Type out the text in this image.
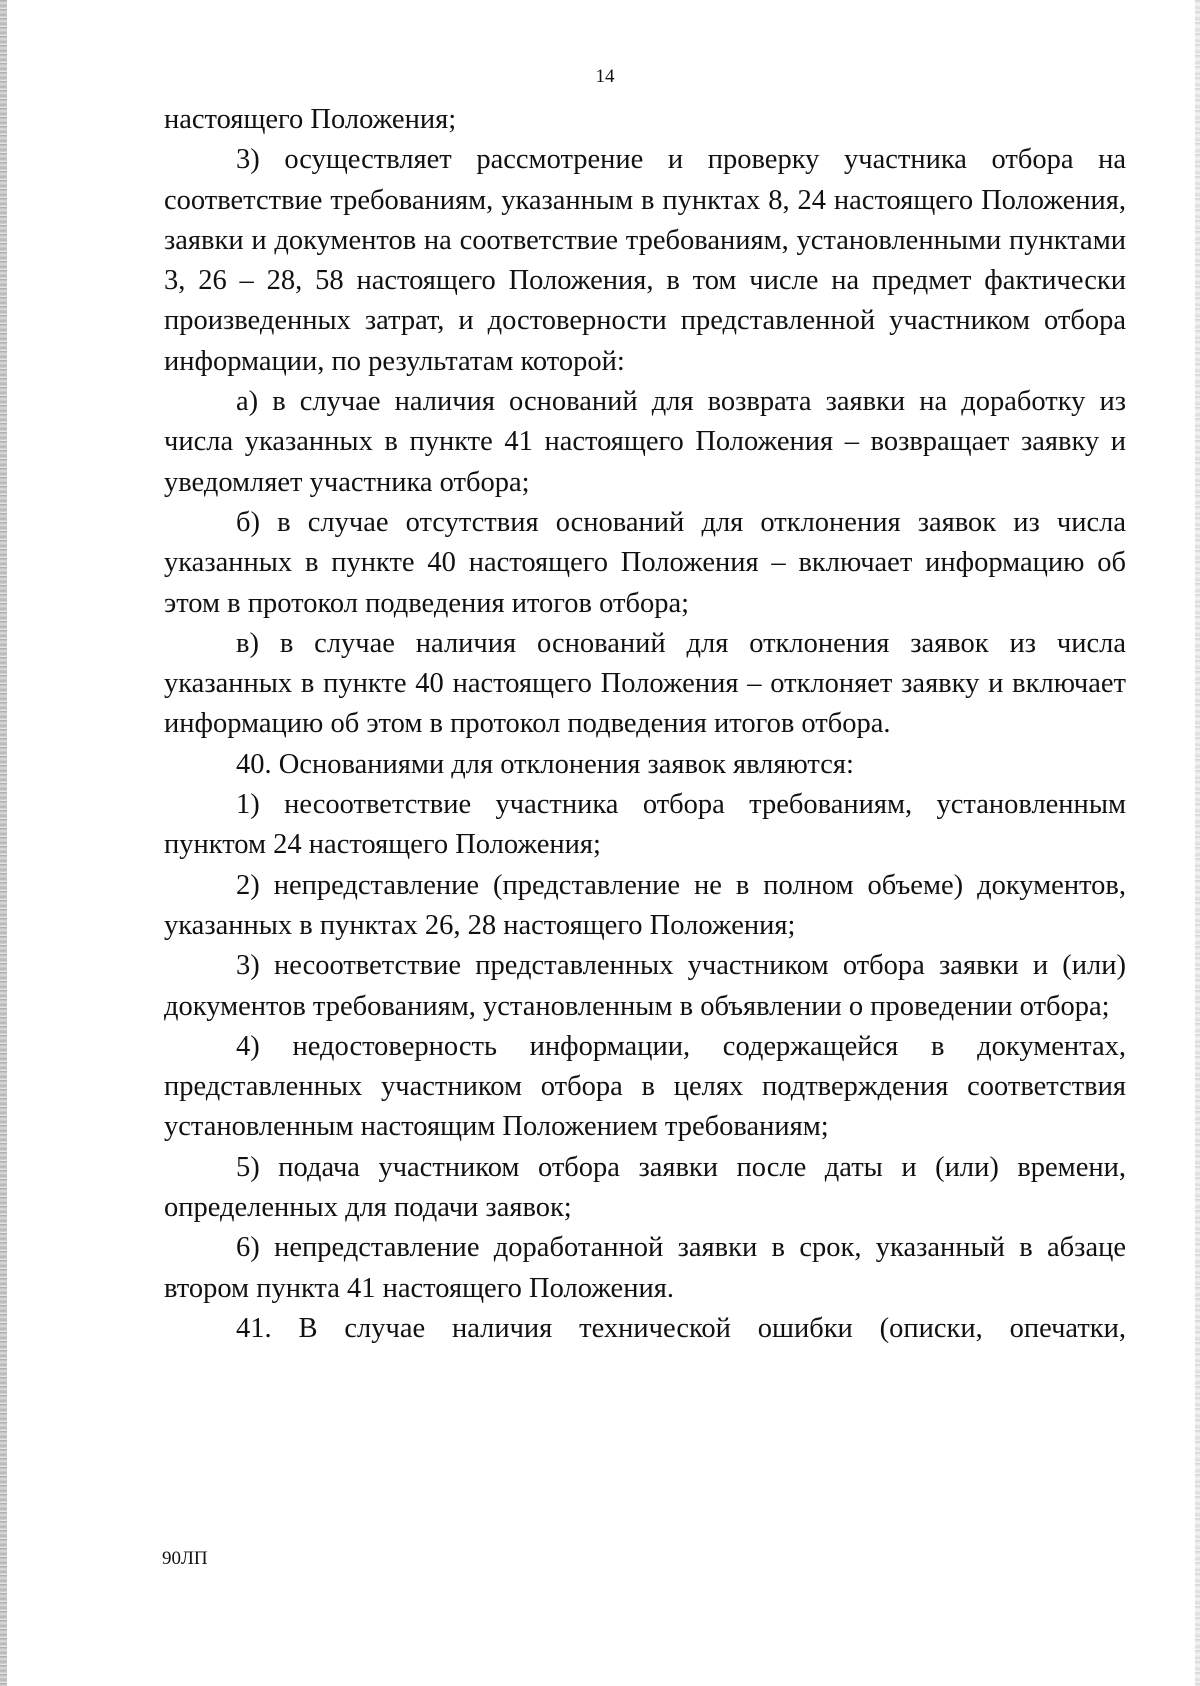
14

настоящего Положения;

3) осуществляет рассмотрение и проверку участника отбора на соответствие требованиям, указанным в пунктах 8, 24 настоящего Положения, заявки и документов на соответствие требованиям, установленными пунктами 3, 26 – 28, 58 настоящего Положения, в том числе на предмет фактически произведенных затрат, и достоверности представленной участником отбора информации, по результатам которой:

а) в случае наличия оснований для возврата заявки на доработку из числа указанных в пункте 41 настоящего Положения – возвращает заявку и уведомляет участника отбора;

б) в случае отсутствия оснований для отклонения заявок из числа указанных в пункте 40 настоящего Положения – включает информацию об этом в протокол подведения итогов отбора;

в) в случае наличия оснований для отклонения заявок из числа указанных в пункте 40 настоящего Положения – отклоняет заявку и включает информацию об этом в протокол подведения итогов отбора.

40. Основаниями для отклонения заявок являются:

1) несоответствие участника отбора требованиям, установленным пунктом 24 настоящего Положения;

2) непредставление (представление не в полном объеме) документов, указанных в пунктах 26, 28 настоящего Положения;

3) несоответствие представленных участником отбора заявки и (или) документов требованиям, установленным в объявлении о проведении отбора;

4) недостоверность информации, содержащейся в документах, представленных участником отбора в целях подтверждения соответствия установленным настоящим Положением требованиям;

5) подача участником отбора заявки после даты и (или) времени, определенных для подачи заявок;

6) непредставление доработанной заявки в срок, указанный в абзаце втором пункта 41 настоящего Положения.

41. В случае наличия технической ошибки (описки, опечатки,

90ЛП
